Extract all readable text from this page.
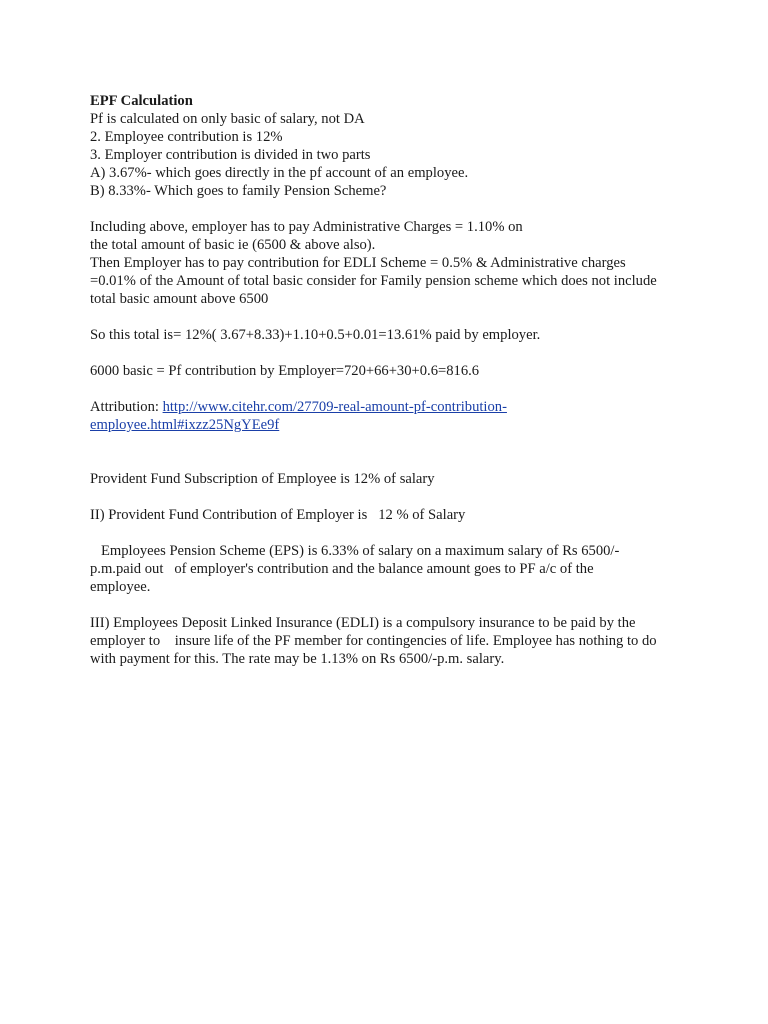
EPF Calculation
Pf is calculated on only basic of salary, not DA
2. Employee contribution is 12%
3. Employer contribution is divided in two parts
A) 3.67%- which goes directly in the pf account of an employee.
B) 8.33%- Which goes to family Pension Scheme?
Including above, employer has to pay Administrative Charges = 1.10% on
the total amount of basic ie (6500 & above also).
Then Employer has to pay contribution for EDLI Scheme = 0.5% & Administrative charges
=0.01% of the Amount of total basic consider for Family pension scheme which does not include
total basic amount above 6500
So this total is= 12%( 3.67+8.33)+1.10+0.5+0.01=13.61% paid by employer.
6000 basic = Pf contribution by Employer=720+66+30+0.6=816.6
Attribution: http://www.citehr.com/27709-real-amount-pf-contribution-
employee.html#ixzz25NgYEe9f
Provident Fund Subscription of Employee is 12% of salary
II) Provident Fund Contribution of Employer is   12 % of Salary
Employees Pension Scheme (EPS) is 6.33% of salary on a maximum salary of Rs 6500/-
p.m.paid out   of employer's contribution and the balance amount goes to PF a/c of the
employee.
III) Employees Deposit Linked Insurance (EDLI) is a compulsory insurance to be paid by the
employer to    insure life of the PF member for contingencies of life. Employee has nothing to do
with payment for this. The rate may be 1.13% on Rs 6500/-p.m. salary.
